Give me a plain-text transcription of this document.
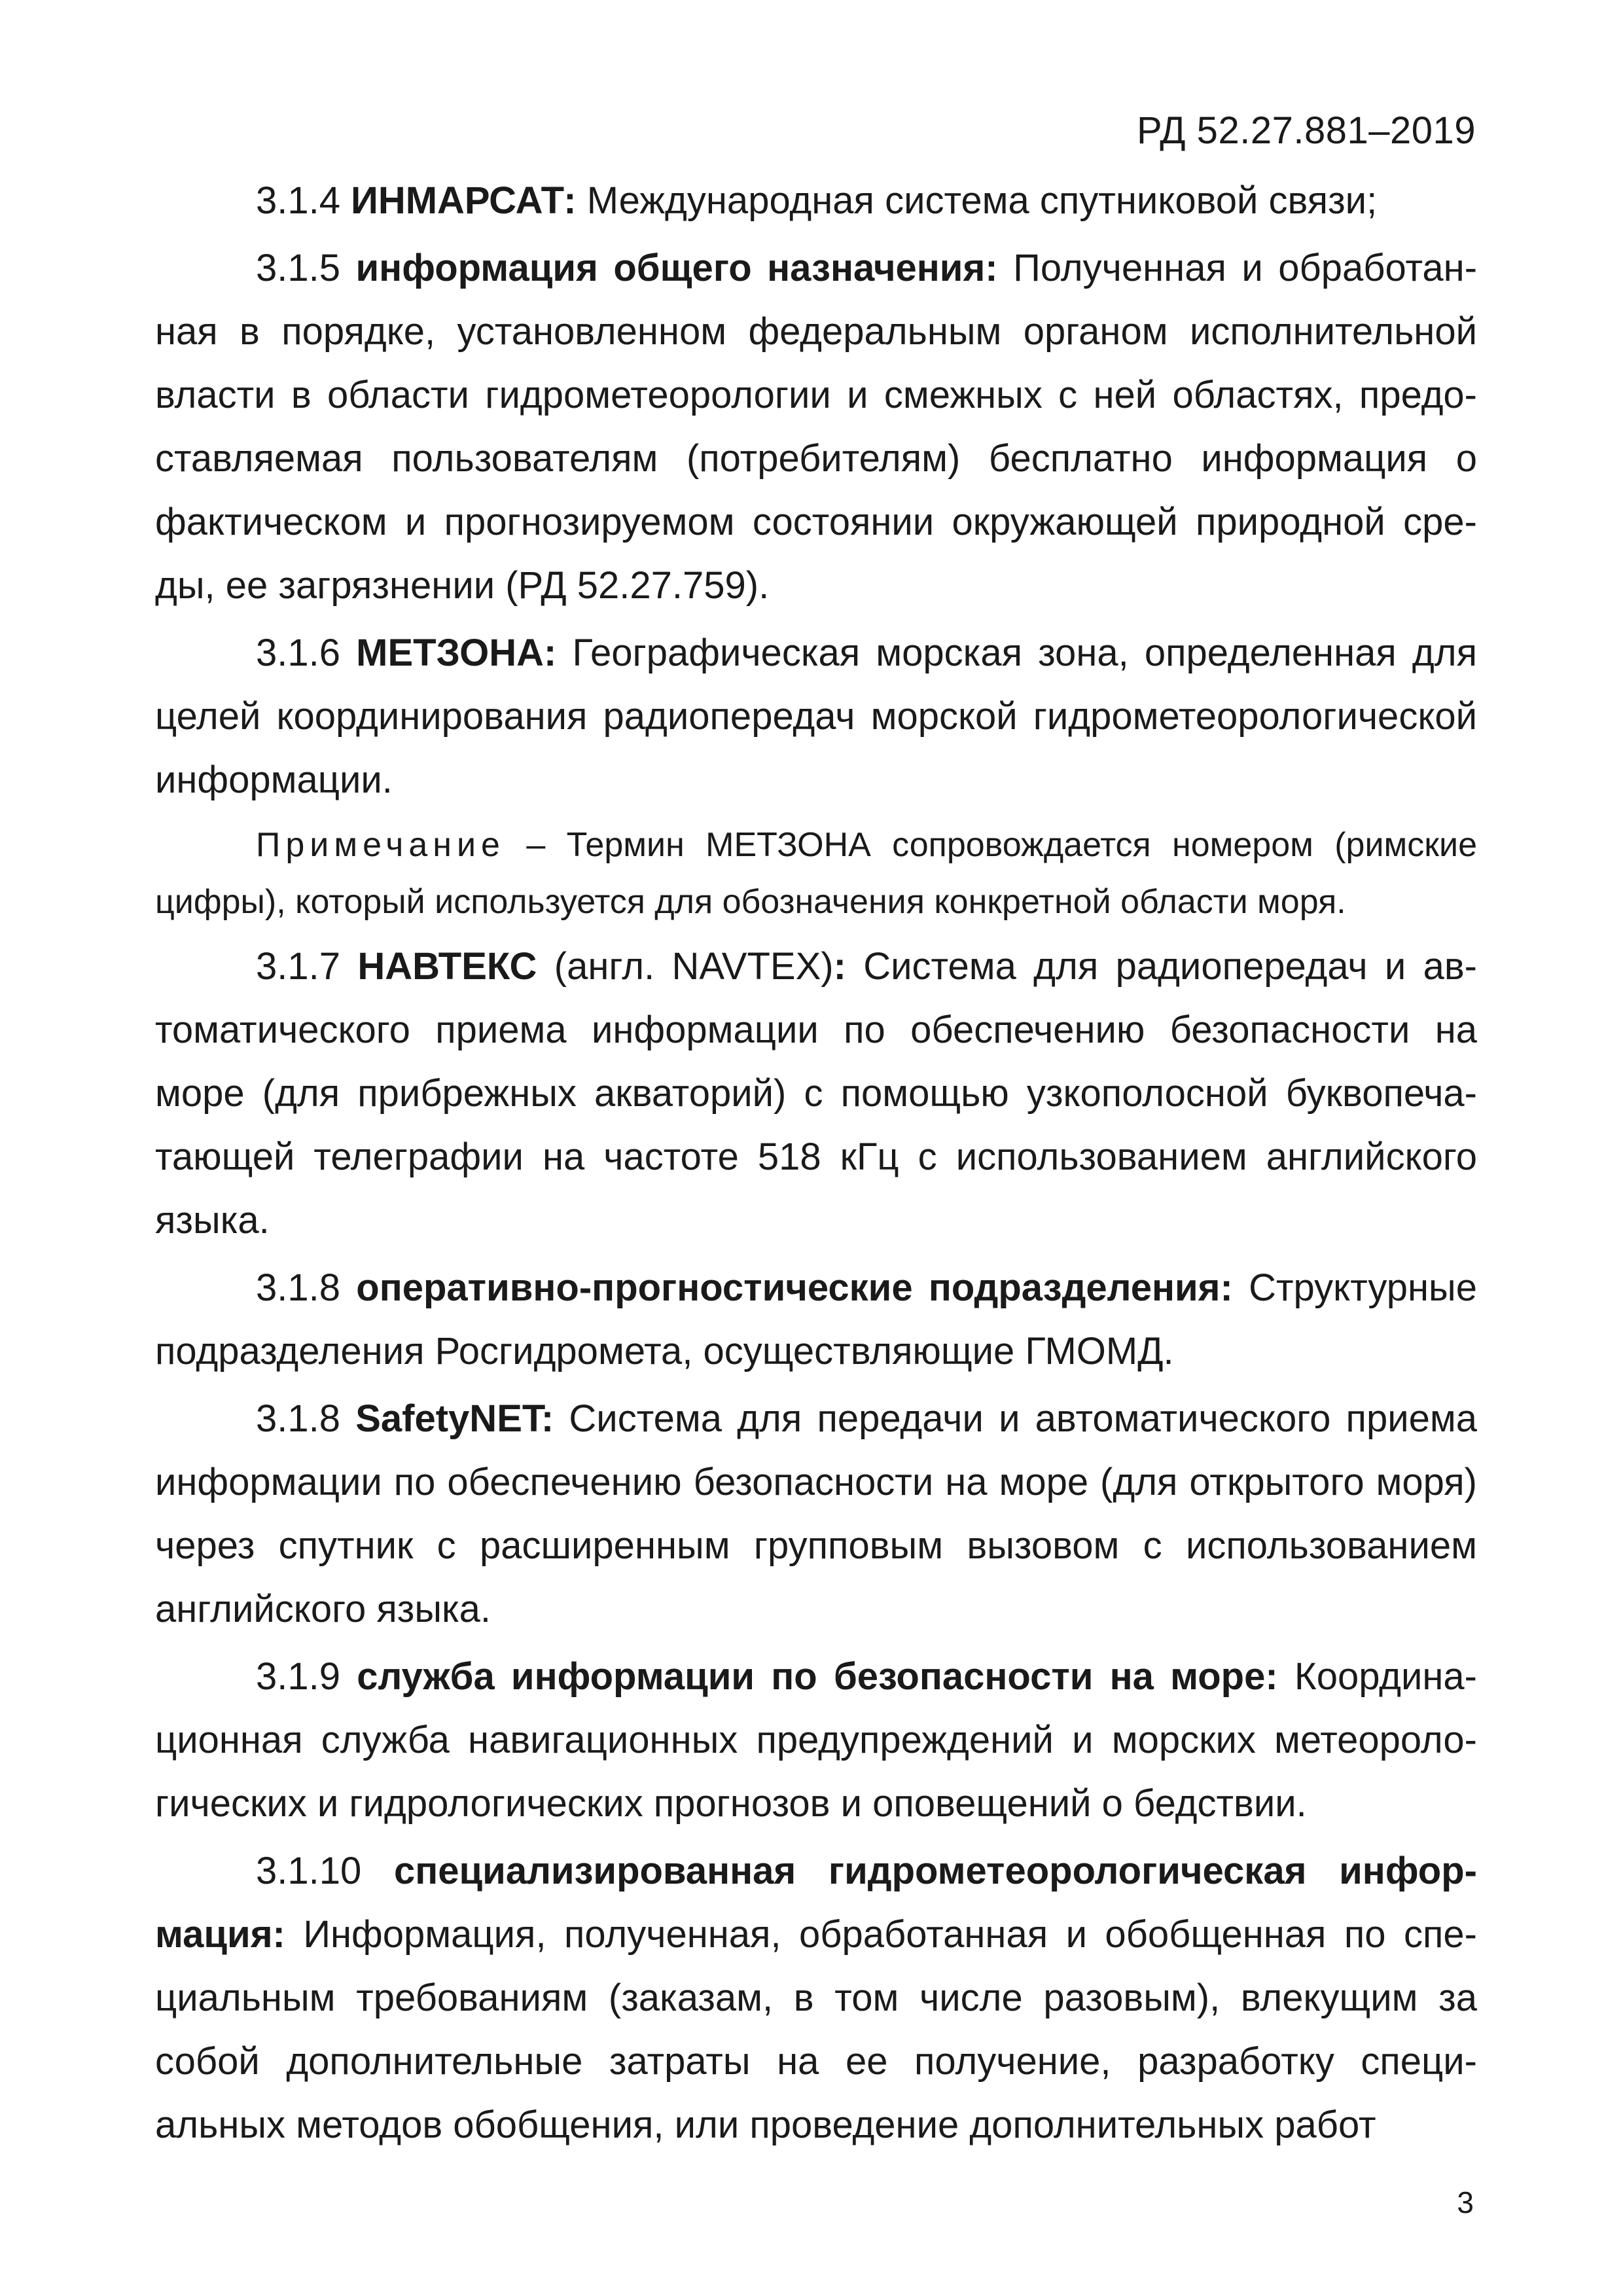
РД 52.27.881–2019

3.1.4 ИНМАРСАТ: Международная система спутниковой связи;

3.1.5 информация общего назначения: Полученная и обработанная в порядке, установленном федеральным органом исполнительной власти в области гидрометеорологии и смежных с ней областях, предоставляемая пользователям (потребителям) бесплатно информация о фактическом и прогнозируемом состоянии окружающей природной среды, ее загрязнении (РД 52.27.759).

3.1.6 МЕТЗОНА: Географическая морская зона, определенная для целей координирования радиопередач морской гидрометеорологической информации.

Примечание – Термин МЕТЗОНА сопровождается номером (римские цифры), который используется для обозначения конкретной области моря.

3.1.7 НАВТЕКС (англ. NAVTEX): Система для радиопередач и автоматического приема информации по обеспечению безопасности на море (для прибрежных акваторий) с помощью узкополосной буквопечатающей телеграфии на частоте 518 кГц с использованием английского языка.

3.1.8 оперативно-прогностические подразделения: Структурные подразделения Росгидромета, осуществляющие ГМОМД.

3.1.8 SafetyNET: Система для передачи и автоматического приема информации по обеспечению безопасности на море (для открытого моря) через спутник с расширенным групповым вызовом с использованием английского языка.

3.1.9 служба информации по безопасности на море: Координационная служба навигационных предупреждений и морских метеорологических и гидрологических прогнозов и оповещений о бедствии.

3.1.10 специализированная гидрометеорологическая информация: Информация, полученная, обработанная и обобщенная по специальным требованиям (заказам, в том числе разовым), влекущим за собой дополнительные затраты на ее получение, разработку специальных методов обобщения, или проведение дополнительных работ

3
